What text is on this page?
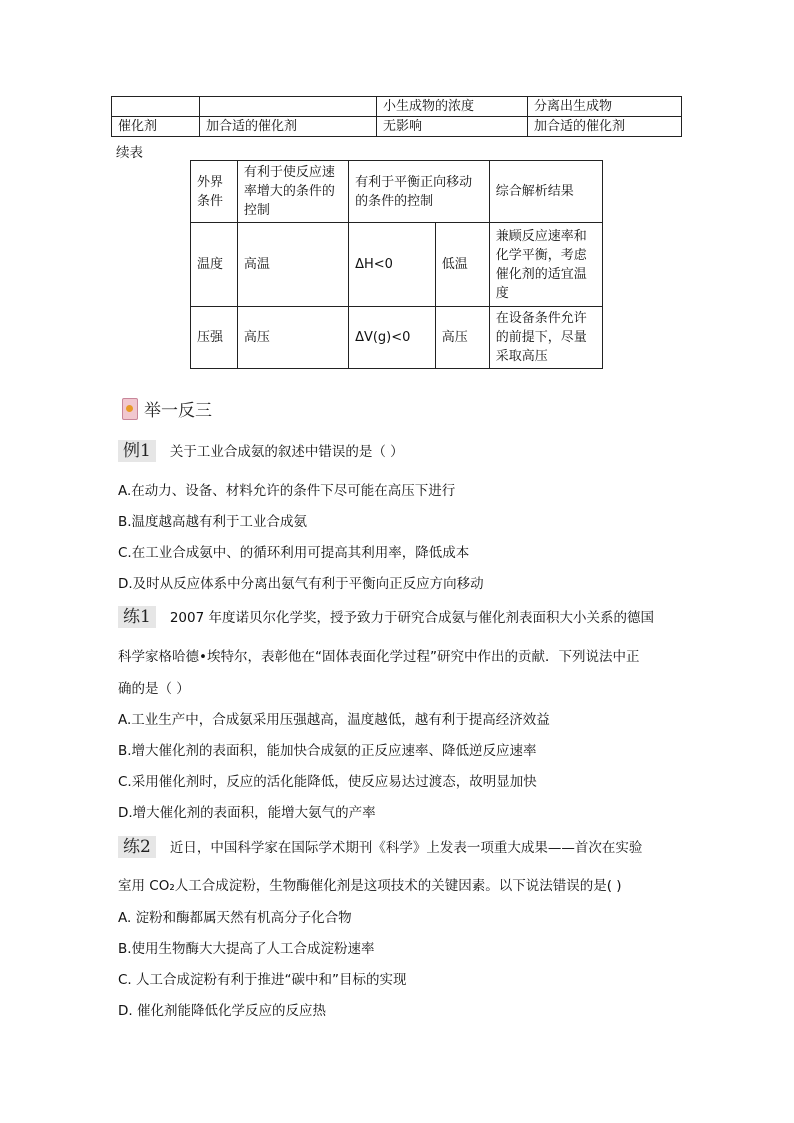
		小生成物的浓度	分离出生成物
催化剂	加合适的催化剂	无影响	加合适的催化剂
续表
外界条件	有利于使反应速率增大的条件的控制	有利于平衡正向移动的条件的控制		综合解析结果
温度	高温	ΔH<0	低温	兼顾反应速率和化学平衡，考虑催化剂的适宜温度
压强	高压	ΔV(g)<0	高压	在设备条件允许的前提下，尽量采取高压
举一反三
例1 关于工业合成氨的叙述中错误的是（ ）
A.在动力、设备、材料允许的条件下尽可能在高压下进行
B.温度越高越有利于工业合成氨
C.在工业合成氨中、的循环利用可提高其利用率，降低成本
D.及时从反应体系中分离出氨气有利于平衡向正反应方向移动
练1 2007 年度诺贝尔化学奖，授予致力于研究合成氨与催化剂表面积大小关系的德国
科学家格哈德•埃特尔，表彰他在“固体表面化学过程”研究中作出的贡献．下列说法中正
确的是（ ）
A.工业生产中，合成氨采用压强越高，温度越低，越有利于提高经济效益
B.增大催化剂的表面积，能加快合成氨的正反应速率、降低逆反应速率
C.采用催化剂时，反应的活化能降低，使反应易达过渡态，故明显加快
D.增大催化剂的表面积，能增大氨气的产率
练2 近日，中国科学家在国际学术期刊《科学》上发表一项重大成果——首次在实验
室用 CO₂人工合成淀粉，生物酶催化剂是这项技术的关键因素。以下说法错误的是( )
A. 淀粉和酶都属天然有机高分子化合物
B.使用生物酶大大提高了人工合成淀粉速率
C. 人工合成淀粉有利于推进“碳中和”目标的实现
D. 催化剂能降低化学反应的反应热
